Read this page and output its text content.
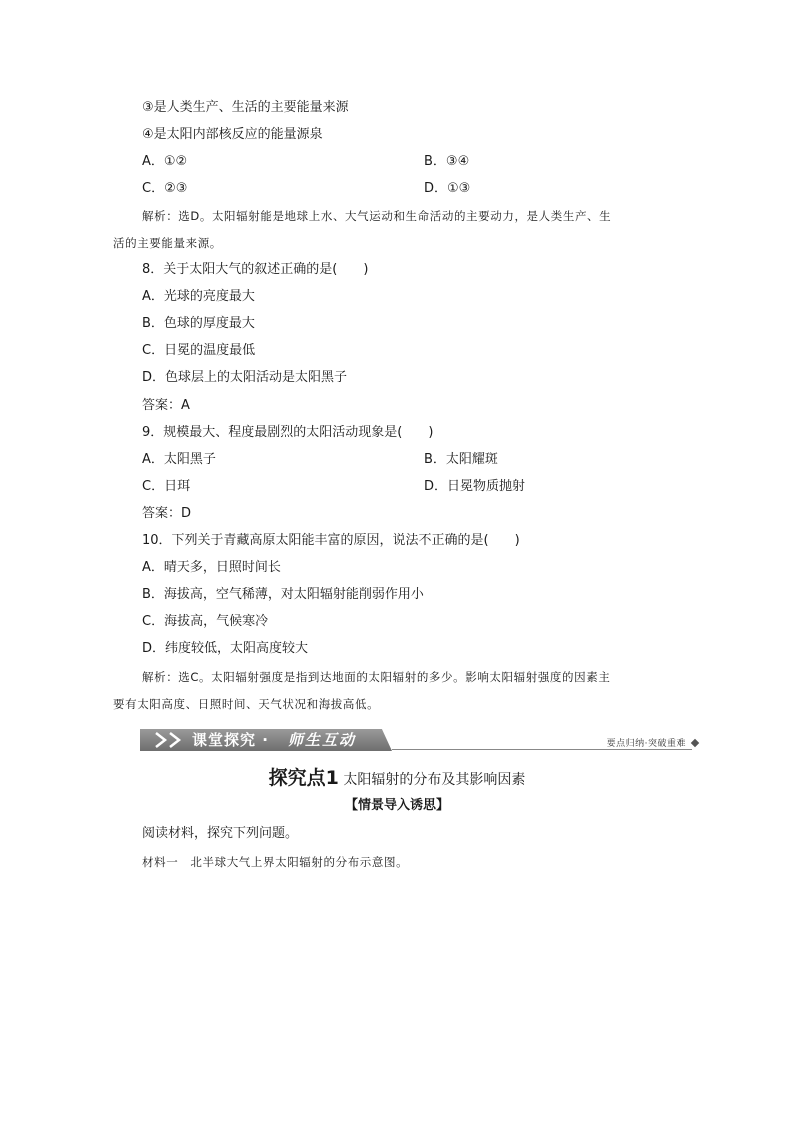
③是人类生产、生活的主要能量来源
④是太阳内部核反应的能量源泉
A．①②	B．③④
C．②③	D．①③
解析：选D。太阳辐射能是地球上水、大气运动和生命活动的主要动力，是人类生产、生
活的主要能量来源。
8．关于太阳大气的叙述正确的是(　　)
A．光球的亮度最大
B．色球的厚度最大
C．日冕的温度最低
D．色球层上的太阳活动是太阳黑子
答案：A
9．规模最大、程度最剧烈的太阳活动现象是(　　)
A．太阳黑子	B．太阳耀斑
C．日珥	D．日冕物质抛射
答案：D
10．下列关于青藏高原太阳能丰富的原因，说法不正确的是(　　)
A．晴天多，日照时间长
B．海拔高，空气稀薄，对太阳辐射能削弱作用小
C．海拔高，气候寒冷
D．纬度较低，太阳高度较大
解析：选C。太阳辐射强度是指到达地面的太阳辐射的多少。影响太阳辐射强度的因素主
要有太阳高度、日照时间、天气状况和海拔高低。
课堂探究 · 师生互动	要点归纳·突破重难
探究点1 太阳辐射的分布及其影响因素
【情景导入诱思】
阅读材料，探究下列问题。
材料一　北半球大气上界太阳辐射的分布示意图。
